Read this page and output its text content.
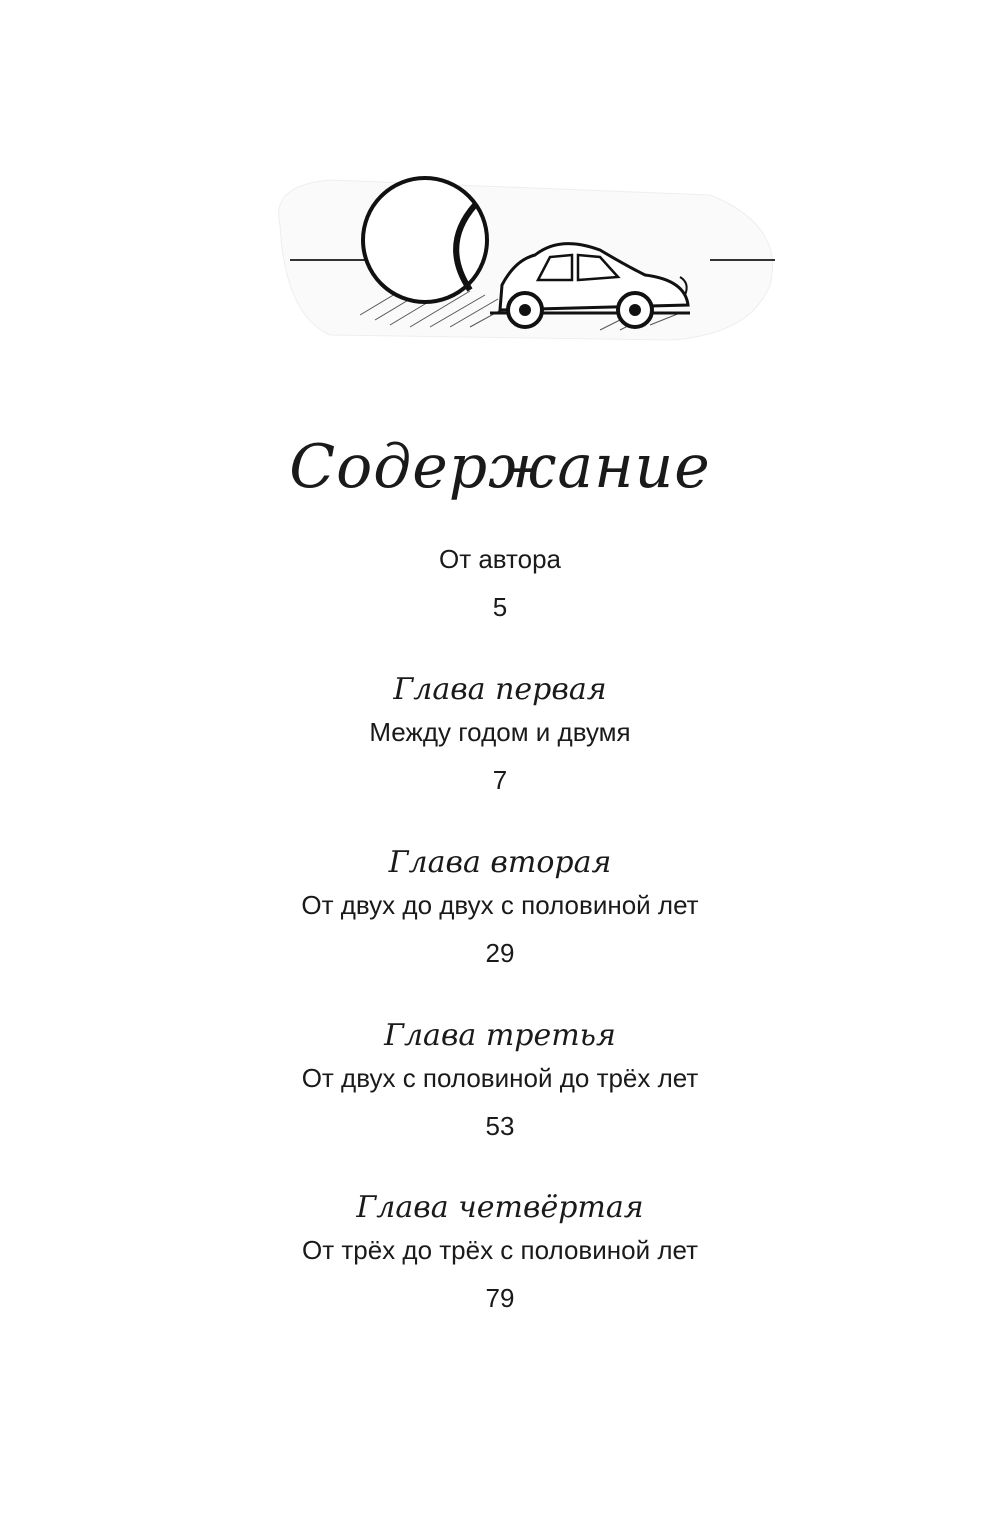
Содержание
От автора
5
Глава первая
Между годом и двумя
7
Глава вторая
От двух до двух с половиной лет
29
Глава третья
От двух с половиной до трёх лет
53
Глава четвёртая
От трёх до трёх с половиной лет
79
